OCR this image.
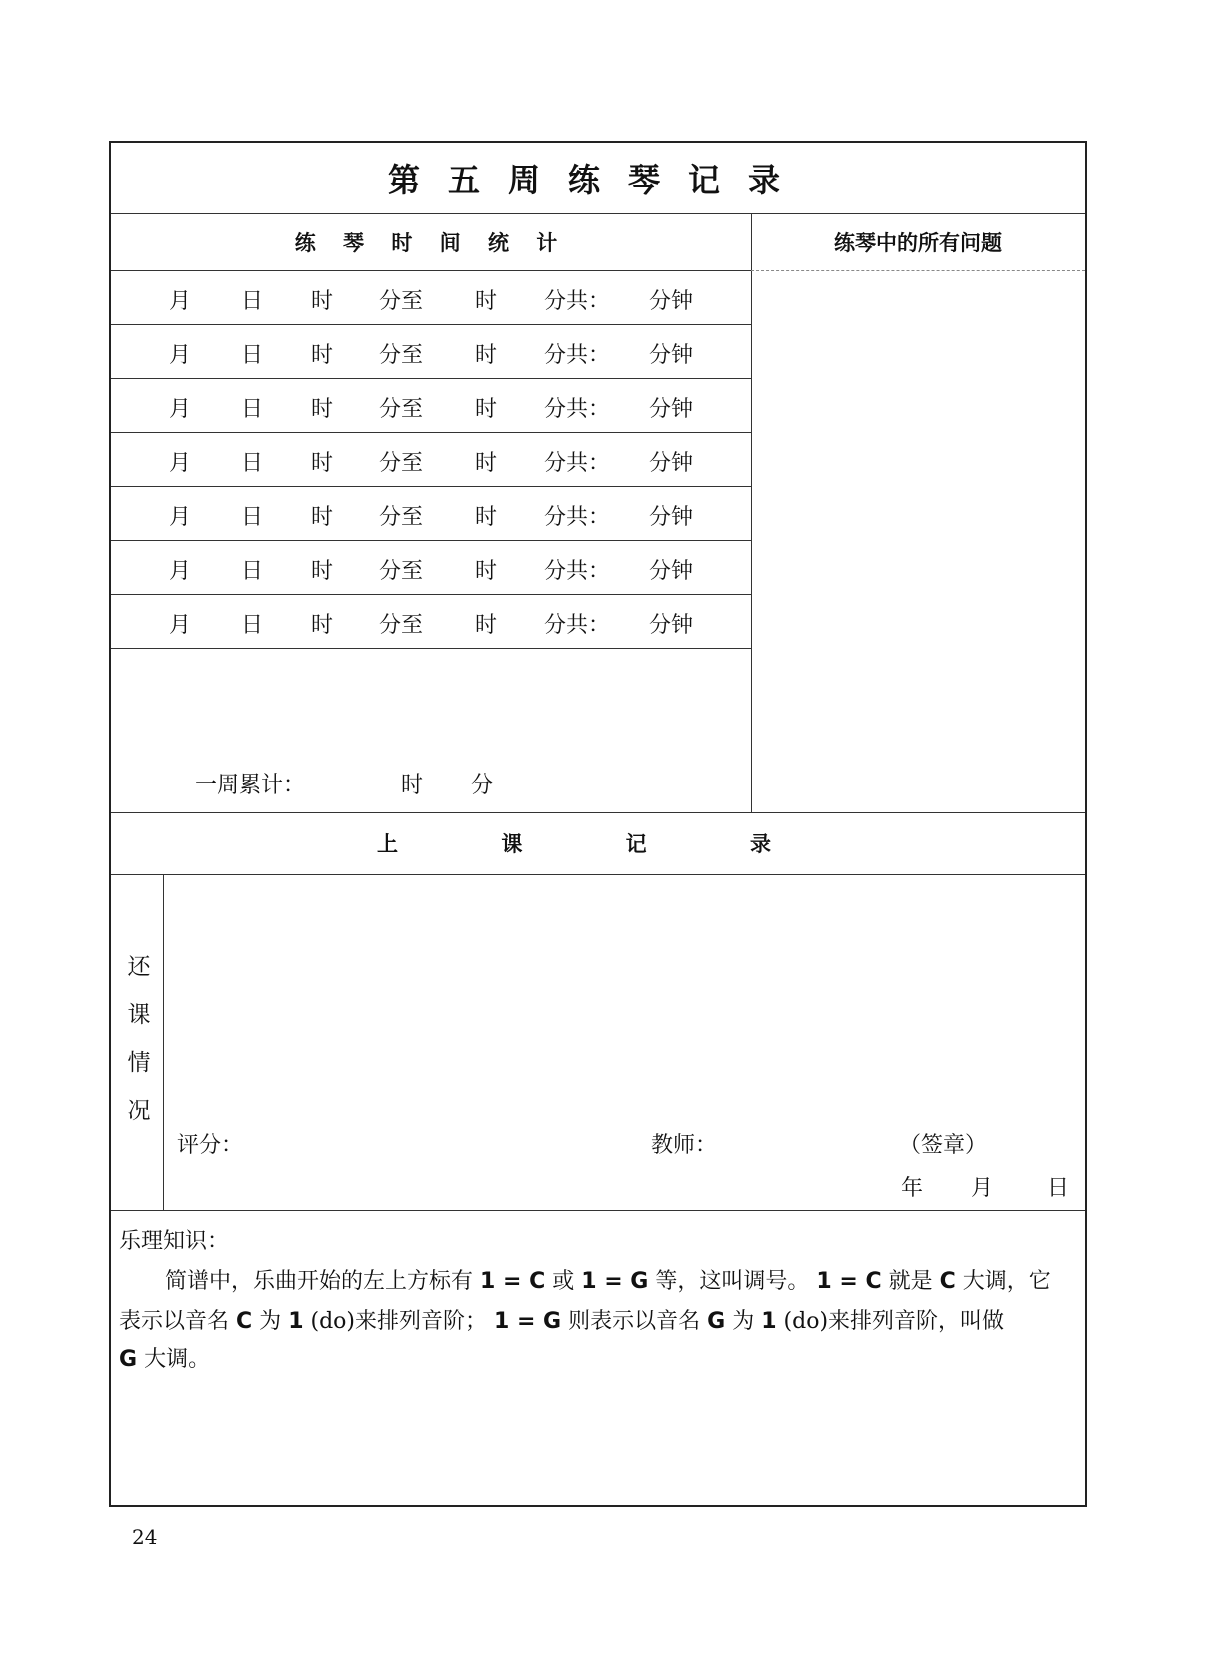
第五周练琴记录
练 琴 时 间 统 计	练琴中的所有问题
月 日 时 分至 时 分共： 分钟
月 日 时 分至 时 分共： 分钟
月 日 时 分至 时 分共： 分钟
月 日 时 分至 时 分共： 分钟
月 日 时 分至 时 分共： 分钟
月 日 时 分至 时 分共： 分钟
月 日 时 分至 时 分共： 分钟
一周累计：	时 分
上 课 记 录
还
课
情
况
评分：	教师：	（签章）
年 月 日
乐理知识：
简谱中，乐曲开始的左上方标有 1 = C 或 1 = G 等，这叫调号。 1 = C 就是 C 大调，它
表示以音名 C 为 1 (do)来排列音阶； 1 = G 则表示以音名 G 为 1 (do)来排列音阶，叫做
G 大调。
24
